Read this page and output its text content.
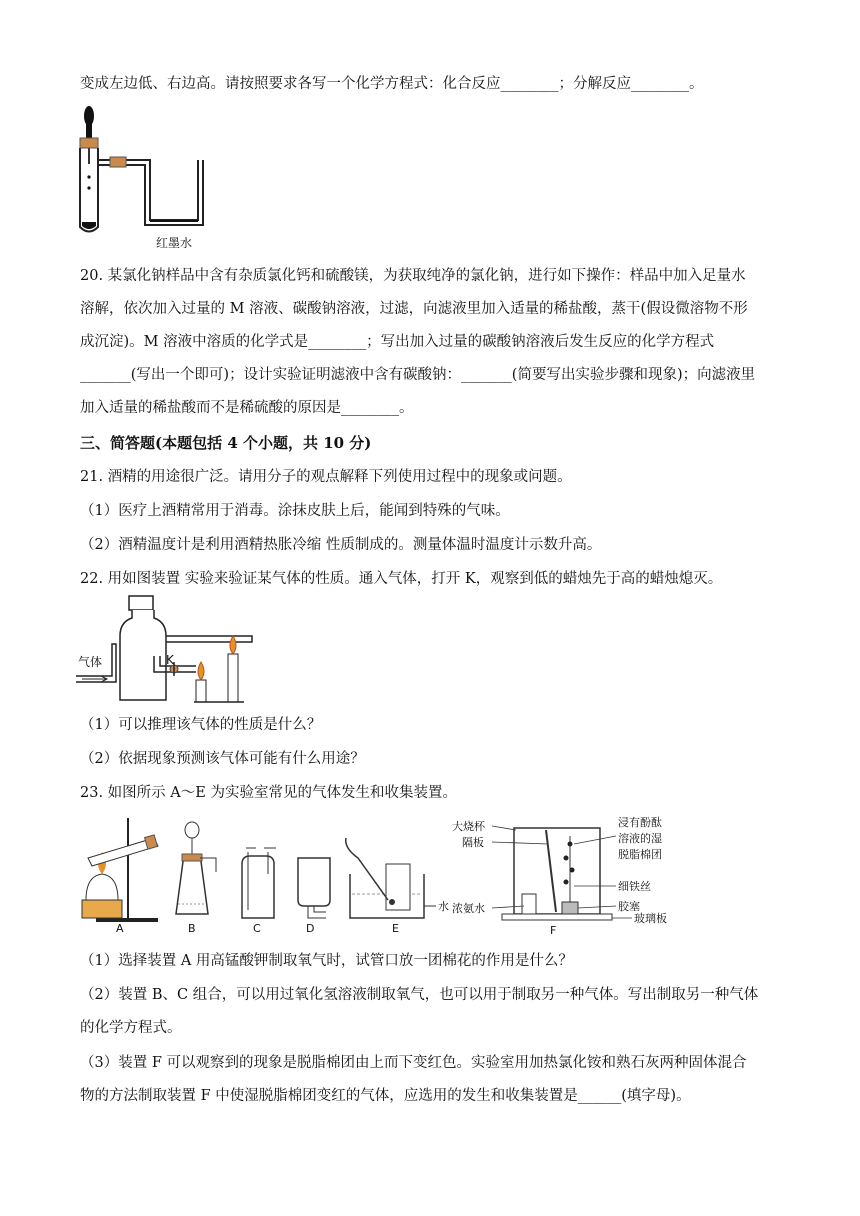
变成左边低、右边高。请按照要求各写一个化学方程式：化合反应________；分解反应________。
红墨水
20. 某氯化钠样品中含有杂质氯化钙和硫酸镁，为获取纯净的氯化钠，进行如下操作：样品中加入足量水
溶解，依次加入过量的 M 溶液、碳酸钠溶液，过滤，向滤液里加入适量的稀盐酸，蒸干(假设微溶物不形
成沉淀)。M 溶液中溶质的化学式是________；写出加入过量的碳酸钠溶液后发生反应的化学方程式
_______(写出一个即可)；设计实验证明滤液中含有碳酸钠：_______(简要写出实验步骤和现象)；向滤液里
加入适量的稀盐酸而不是稀硫酸的原因是________。
三、简答题(本题包括 4 个小题，共 10 分)
21. 酒精的用途很广泛。请用分子的观点解释下列使用过程中的现象或问题。
（1）医疗上酒精常用于消毒。涂抹皮肤上后，能闻到特殊的气味。
（2）酒精温度计是利用酒精热胀冷缩 性质制成的。测量体温时温度计示数升高。
22. 用如图装置 实验来验证某气体的性质。通入气体，打开 K，观察到低的蜡烛先于高的蜡烛熄灭。
K
气体
（1）可以推理该气体的性质是什么？
（2）依据现象预测该气体可能有什么用途？
23. 如图所示 A～E 为实验室常见的气体发生和收集装置。
A	B	C	D
水
E
大烧杯
隔板
浓氨水
浸有酚酞
溶液的湿
脱脂棉团
细铁丝
胶塞
玻璃板
F
（1）选择装置 A 用高锰酸钾制取氧气时，试管口放一团棉花的作用是什么？
（2）装置 B、C 组合，可以用过氧化氢溶液制取氧气，也可以用于制取另一种气体。写出制取另一种气体
的化学方程式。
（3）装置 F 可以观察到的现象是脱脂棉团由上而下变红色。实验室用加热氯化铵和熟石灰两种固体混合
物的方法制取装置 F 中使湿脱脂棉团变红的气体，应选用的发生和收集装置是______(填字母)。
